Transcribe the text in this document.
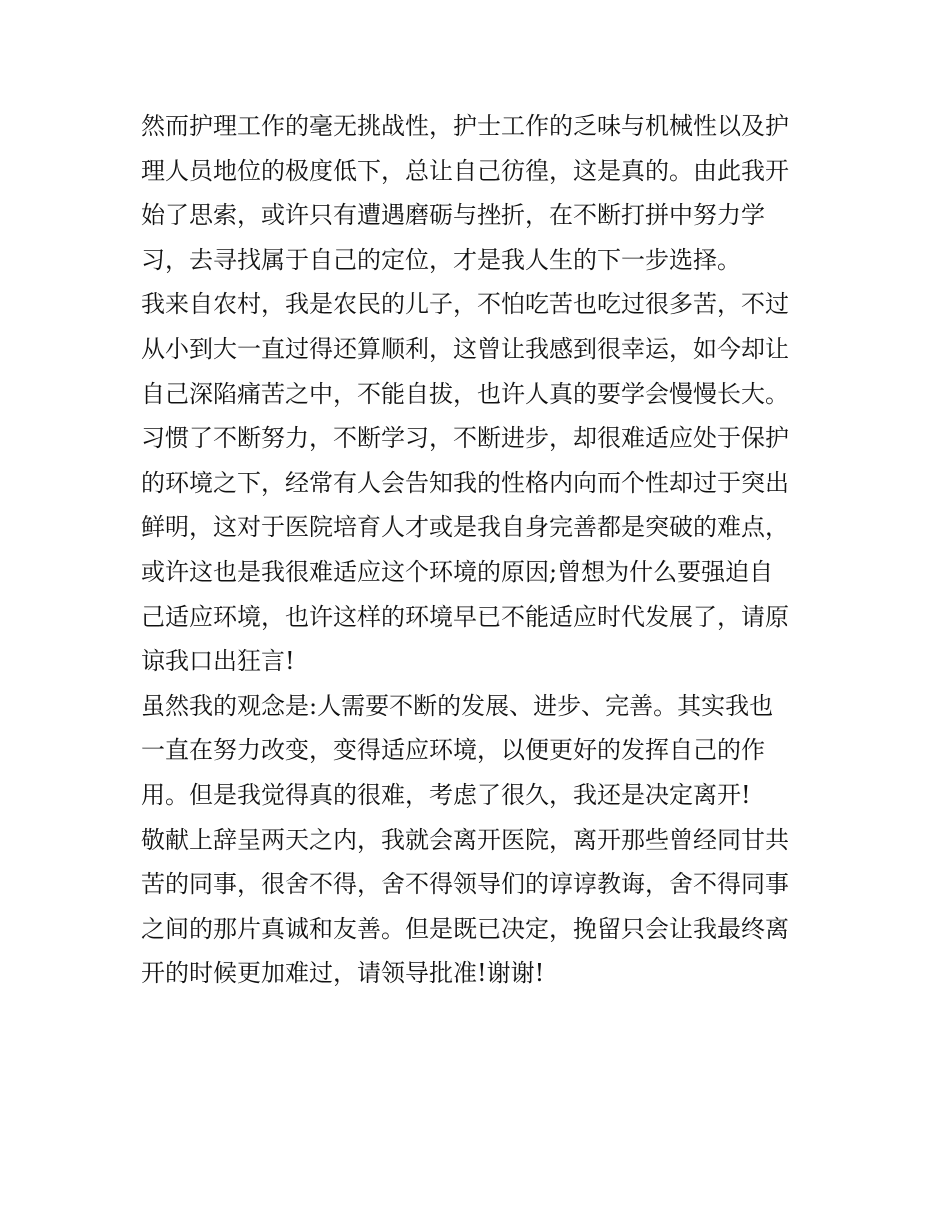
然而护理工作的毫无挑战性，护士工作的乏味与机械性以及护
理人员地位的极度低下，总让自己彷徨，这是真的。由此我开
始了思索，或许只有遭遇磨砺与挫折，在不断打拼中努力学
习，去寻找属于自己的定位，才是我人生的下一步选择。
我来自农村，我是农民的儿子，不怕吃苦也吃过很多苦，不过
从小到大一直过得还算顺利，这曾让我感到很幸运，如今却让
自己深陷痛苦之中，不能自拔，也许人真的要学会慢慢长大。
习惯了不断努力，不断学习，不断进步，却很难适应处于保护
的环境之下，经常有人会告知我的性格内向而个性却过于突出
鲜明，这对于医院培育人才或是我自身完善都是突破的难点，
或许这也是我很难适应这个环境的原因;曾想为什么要强迫自
己适应环境，也许这样的环境早已不能适应时代发展了，请原
谅我口出狂言!
虽然我的观念是:人需要不断的发展、进步、完善。其实我也
一直在努力改变，变得适应环境，以便更好的发挥自己的作
用。但是我觉得真的很难，考虑了很久，我还是决定离开!
敬献上辞呈两天之内，我就会离开医院，离开那些曾经同甘共
苦的同事，很舍不得，舍不得领导们的谆谆教诲，舍不得同事
之间的那片真诚和友善。但是既已决定，挽留只会让我最终离
开的时候更加难过，请领导批准!谢谢!
